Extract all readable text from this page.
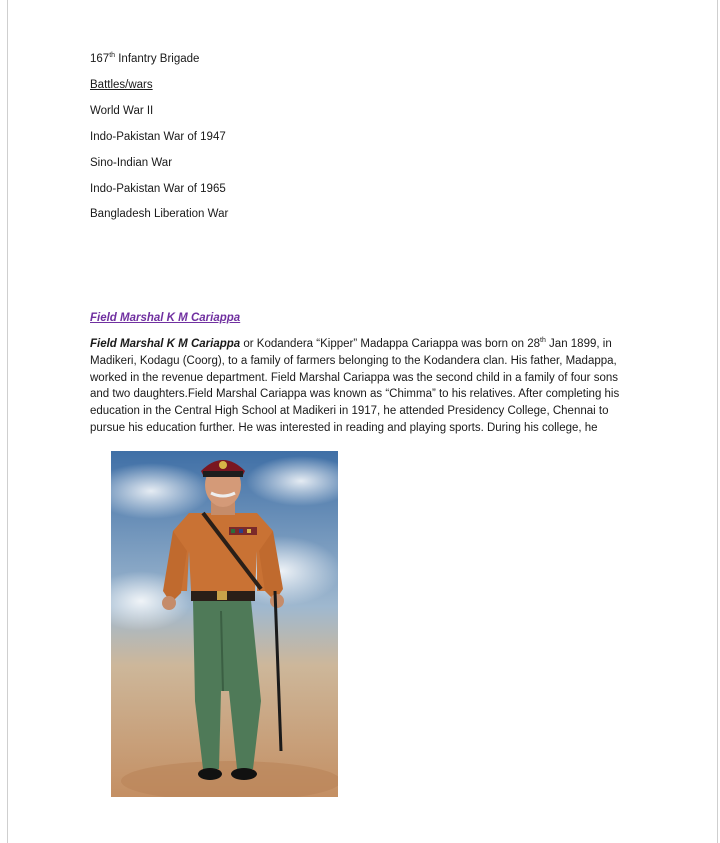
167th Infantry Brigade
Battles/wars
World War II
Indo-Pakistan War of 1947
Sino-Indian War
Indo-Pakistan War of 1965
Bangladesh Liberation War
Field Marshal K M Cariappa
Field Marshal K M Cariappa or Kodandera “Kipper” Madappa Cariappa was born on 28th Jan 1899, in Madikeri, Kodagu (Coorg), to a family of farmers belonging to the Kodandera clan. His father, Madappa, worked in the revenue department. Field Marshal Cariappa was the second child in a family of four sons and two daughters.Field Marshal Cariappa was known as “Chimma” to his relatives. After completing his education in the Central High School at Madikeri in 1917, he attended Presidency College, Chennai to pursue his education further. He was interested in reading and playing sports. During his college, he
